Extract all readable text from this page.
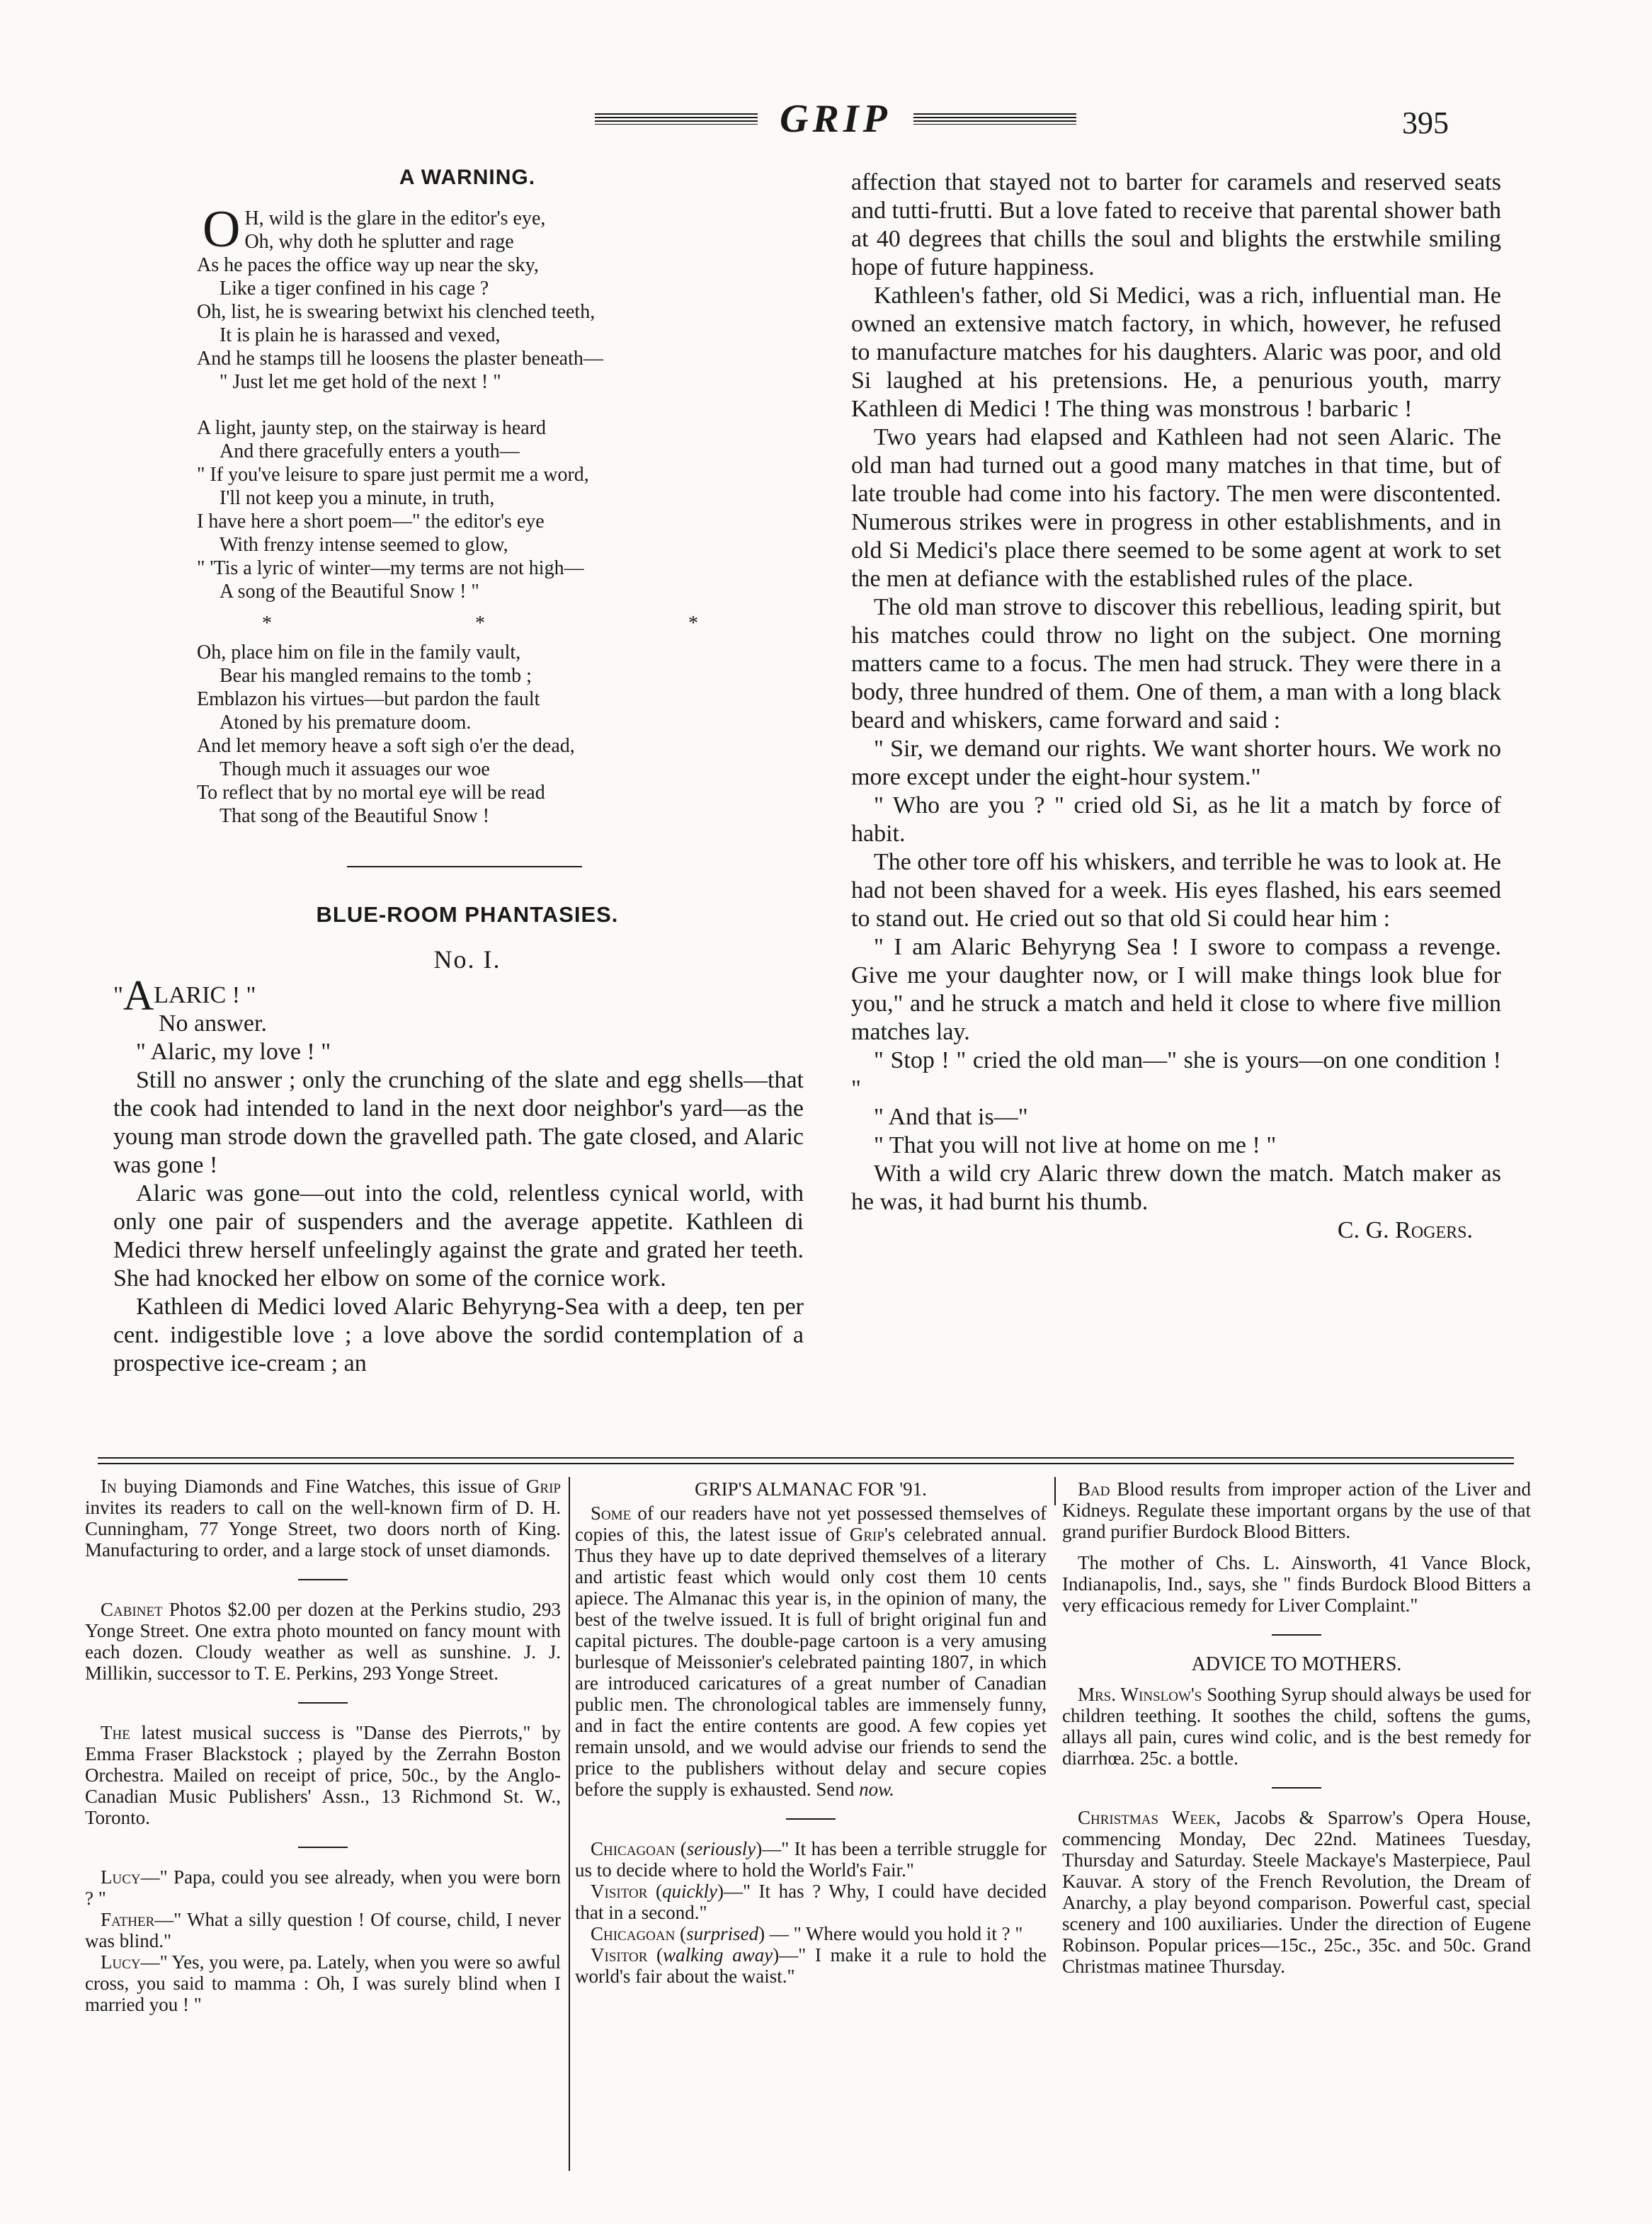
GRIP	395
A WARNING.
O H, wild is the glare in the editor's eye,
Oh, why doth he splutter and rage
As he paces the office way up near the sky,
Like a tiger confined in his cage ?
Oh, list, he is swearing betwixt his clenched teeth,
It is plain he is harassed and vexed,
And he stamps till he loosens the plaster beneath—
" Just let me get hold of the next ! "
A light, jaunty step, on the stairway is heard
And there gracefully enters a youth—
" If you've leisure to spare just permit me a word,
I'll not keep you a minute, in truth,
I have here a short poem—" the editor's eye
With frenzy intense seemed to glow,
" 'Tis a lyric of winter—my terms are not high—
A song of the Beautiful Snow ! "
* * *
Oh, place him on file in the family vault,
Bear his mangled remains to the tomb ;
Emblazon his virtues—but pardon the fault
Atoned by his premature doom.
And let memory heave a soft sigh o'er the dead,
Though much it assuages our woe
To reflect that by no mortal eye will be read
That song of the Beautiful Snow !
BLUE-ROOM PHANTASIES.
No. I.

"ALARIC ! "

No answer.

" Alaric, my love ! "

Still no answer ; only the crunching of the slate and egg shells—that the cook had intended to land in the next door neighbor's yard—as the young man strode down the gravelled path. The gate closed, and Alaric was gone !

Alaric was gone—out into the cold, relentless cynical world, with only one pair of suspenders and the average appetite. Kathleen di Medici threw herself unfeelingly against the grate and grated her teeth. She had knocked her elbow on some of the cornice work.

Kathleen di Medici loved Alaric Behyryng-Sea with a deep, ten per cent. indigestible love ; a love above the sordid contemplation of a prospective ice-cream ; an

affection that stayed not to barter for caramels and reserved seats and tutti-frutti. But a love fated to receive that parental shower bath at 40 degrees that chills the soul and blights the erstwhile smiling hope of future happiness.

Kathleen's father, old Si Medici, was a rich, influential man. He owned an extensive match factory, in which, however, he refused to manufacture matches for his daughters. Alaric was poor, and old Si laughed at his pretensions. He, a penurious youth, marry Kathleen di Medici ! The thing was monstrous ! barbaric !

Two years had elapsed and Kathleen had not seen Alaric. The old man had turned out a good many matches in that time, but of late trouble had come into his factory. The men were discontented. Numerous strikes were in progress in other establishments, and in old Si Medici's place there seemed to be some agent at work to set the men at defiance with the established rules of the place.

The old man strove to discover this rebellious, leading spirit, but his matches could throw no light on the subject. One morning matters came to a focus. The men had struck. They were there in a body, three hundred of them. One of them, a man with a long black beard and whiskers, came forward and said :

" Sir, we demand our rights. We want shorter hours. We work no more except under the eight-hour system."

" Who are you ? " cried old Si, as he lit a match by force of habit.

The other tore off his whiskers, and terrible he was to look at. He had not been shaved for a week. His eyes flashed, his ears seemed to stand out. He cried out so that old Si could hear him :

" I am Alaric Behyryng Sea ! I swore to compass a revenge. Give me your daughter now, or I will make things look blue for you," and he struck a match and held it close to where five million matches lay.

" Stop ! " cried the old man—" she is yours—on one condition ! "

" And that is—"

" That you will not live at home on me ! "

With a wild cry Alaric threw down the match. Match maker as he was, it had burnt his thumb.

C. G. Rogers.

In buying Diamonds and Fine Watches, this issue of Grip invites its readers to call on the well-known firm of D. H. Cunningham, 77 Yonge Street, two doors north of King. Manufacturing to order, and a large stock of unset diamonds.

Cabinet Photos $2.00 per dozen at the Perkins studio, 293 Yonge Street. One extra photo mounted on fancy mount with each dozen. Cloudy weather as well as sunshine. J. J. Millikin, successor to T. E. Perkins, 293 Yonge Street.

The latest musical success is "Danse des Pierrots," by Emma Fraser Blackstock ; played by the Zerrahn Boston Orchestra. Mailed on receipt of price, 50c., by the Anglo-Canadian Music Publishers' Assn., 13 Richmond St. W., Toronto.

Lucy—" Papa, could you see already, when you were born ? "

Father—" What a silly question ! Of course, child, I never was blind."

Lucy—" Yes, you were, pa. Lately, when you were so awful cross, you said to mamma : Oh, I was surely blind when I married you ! "

GRIP'S ALMANAC FOR '91.

Some of our readers have not yet possessed themselves of copies of this, the latest issue of Grip's celebrated annual. Thus they have up to date deprived themselves of a literary and artistic feast which would only cost them 10 cents apiece. The Almanac this year is, in the opinion of many, the best of the twelve issued. It is full of bright original fun and capital pictures. The double-page cartoon is a very amusing burlesque of Meissonier's celebrated painting 1807, in which are introduced caricatures of a great number of Canadian public men. The chronological tables are immensely funny, and in fact the entire contents are good. A few copies yet remain unsold, and we would advise our friends to send the price to the publishers without delay and secure copies before the supply is exhausted. Send now.

Chicagoan (seriously)—" It has been a terrible struggle for us to decide where to hold the World's Fair."

Visitor (quickly)—" It has ? Why, I could have decided that in a second."

Chicagoan (surprised) — " Where would you hold it ? "

Visitor (walking away)—" I make it a rule to hold the world's fair about the waist."

Bad Blood results from improper action of the Liver and Kidneys. Regulate these important organs by the use of that grand purifier Burdock Blood Bitters.

The mother of Chs. L. Ainsworth, 41 Vance Block, Indianapolis, Ind., says, she " finds Burdock Blood Bitters a very efficacious remedy for Liver Complaint."

ADVICE TO MOTHERS.

Mrs. Winslow's Soothing Syrup should always be used for children teething. It soothes the child, softens the gums, allays all pain, cures wind colic, and is the best remedy for diarrhœa. 25c. a bottle.

Christmas Week, Jacobs & Sparrow's Opera House, commencing Monday, Dec 22nd. Matinees Tuesday, Thursday and Saturday. Steele Mackaye's Masterpiece, Paul Kauvar. A story of the French Revolution, the Dream of Anarchy, a play beyond comparison. Powerful cast, special scenery and 100 auxiliaries. Under the direction of Eugene Robinson. Popular prices—15c., 25c., 35c. and 50c. Grand Christmas matinee Thursday.
